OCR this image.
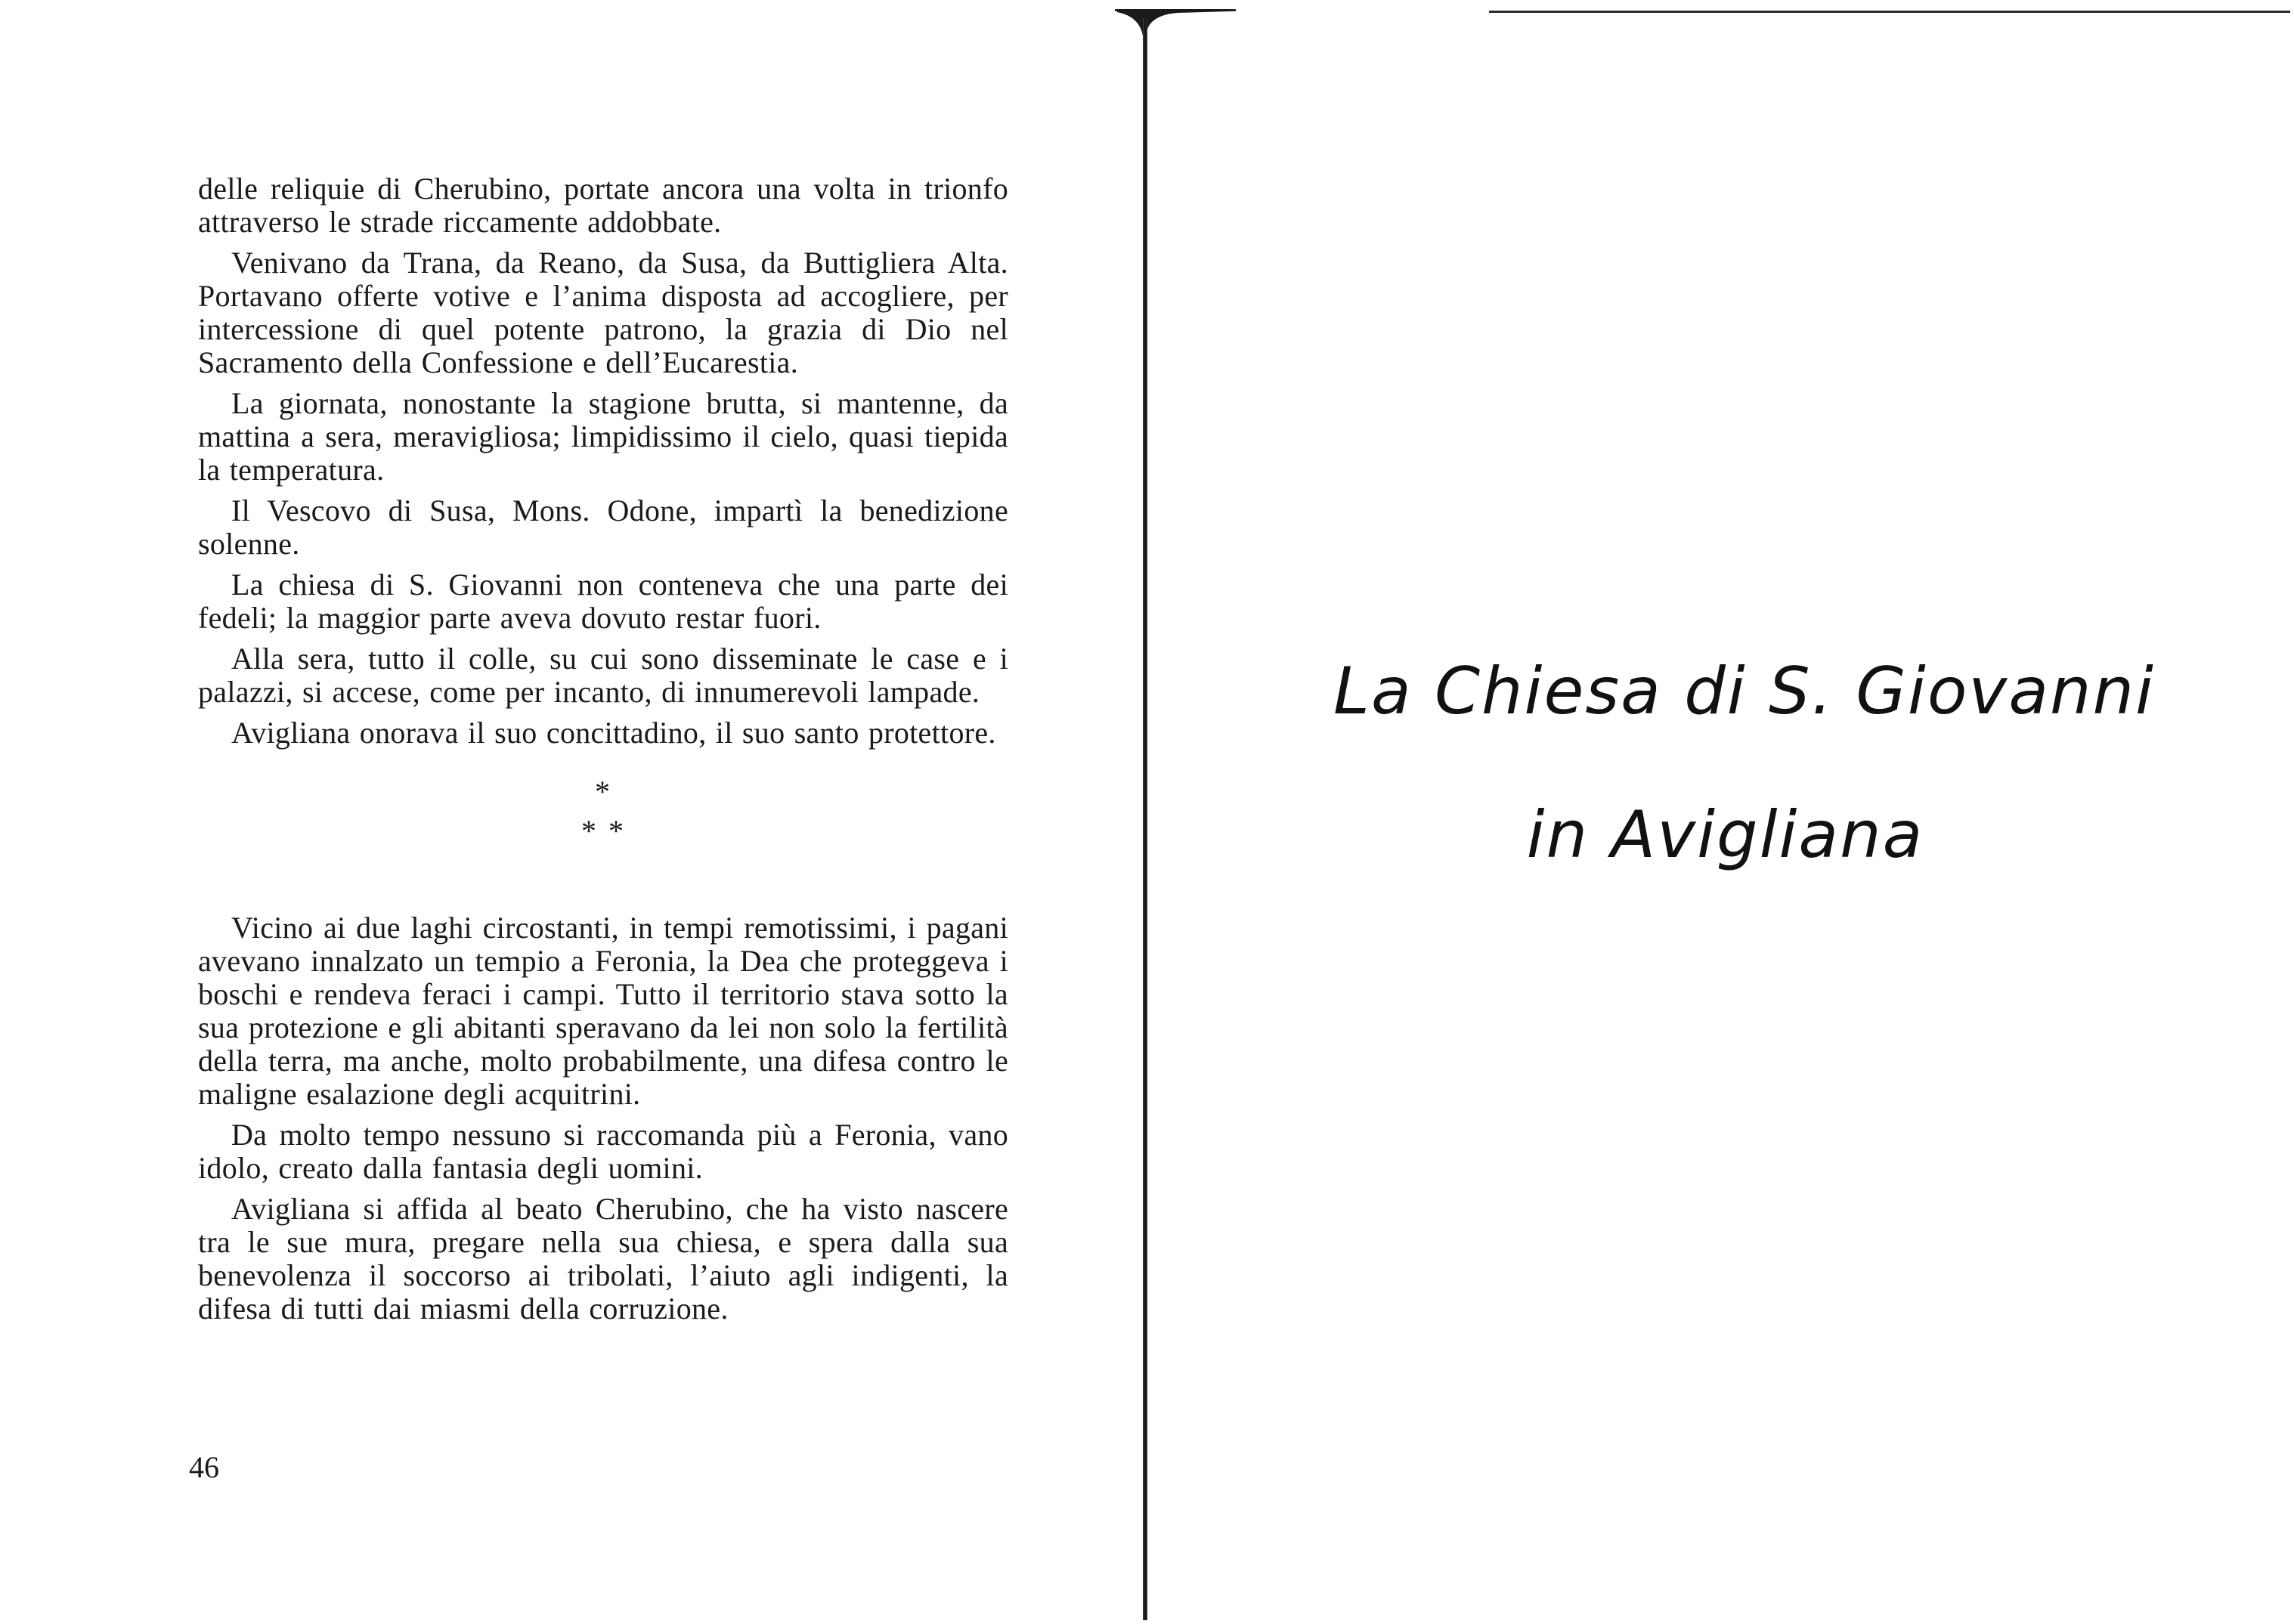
delle reliquie di Cherubino, portate ancora una volta in trionfo attraverso le strade riccamente addobbate.

Venivano da Trana, da Reano, da Susa, da Buttigliera Alta. Portavano offerte votive e l’anima disposta ad accogliere, per intercessione di quel potente patrono, la grazia di Dio nel Sacramento della Confessione e dell’Eucarestia.

La giornata, nonostante la stagione brutta, si mantenne, da mattina a sera, meravigliosa; limpidissimo il cielo, quasi tiepida la temperatura.

Il Vescovo di Susa, Mons. Odone, impartì la benedizione solenne.

La chiesa di S. Giovanni non conteneva che una parte dei fedeli; la maggior parte aveva dovuto restar fuori.

Alla sera, tutto il colle, su cui sono disseminate le case e i palazzi, si accese, come per incanto, di innumerevoli lampade.

Avigliana onorava il suo concittadino, il suo santo protettore.

*
* *

Vicino ai due laghi circostanti, in tempi remotissimi, i pagani avevano innalzato un tempio a Feronia, la Dea che proteggeva i boschi e rendeva feraci i campi. Tutto il territorio stava sotto la sua protezione e gli abitanti speravano da lei non solo la fertilità della terra, ma anche, molto probabilmente, una difesa contro le maligne esalazione degli acquitrini.

Da molto tempo nessuno si raccomanda più a Feronia, vano idolo, creato dalla fantasia degli uomini.

Avigliana si affida al beato Cherubino, che ha visto nascere tra le sue mura, pregare nella sua chiesa, e spera dalla sua benevolenza il soccorso ai tribolati, l’aiuto agli indigenti, la difesa di tutti dai miasmi della corruzione.

46
La Chiesa di S. Giovanni
in Avigliana
